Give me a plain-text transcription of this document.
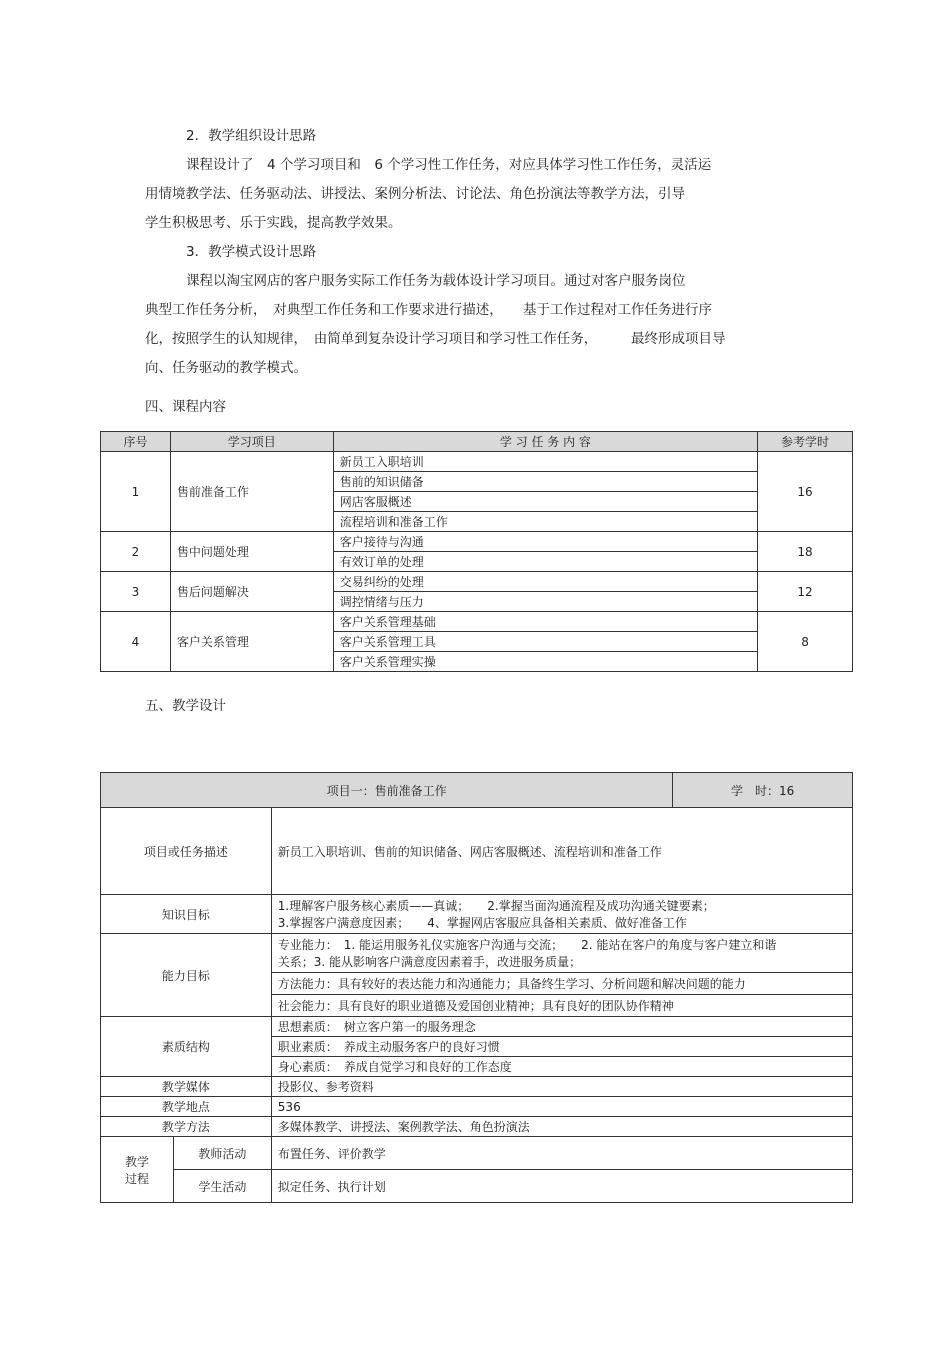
2．教学组织设计思路
课程设计了　4 个学习项目和　6 个学习性工作任务，对应具体学习性工作任务，灵活运
用情境教学法、任务驱动法、讲授法、案例分析法、讨论法、角色扮演法等教学方法，引导
学生积极思考、乐于实践，提高教学效果。
3．教学模式设计思路
课程以淘宝网店的客户服务实际工作任务为载体设计学习项目。通过对客户服务岗位
典型工作任务分析，　对典型工作任务和工作要求进行描述，　　基于工作过程对工作任务进行序
化，按照学生的认知规律，　由简单到复杂设计学习项目和学习性工作任务，　　　最终形成项目导
向、任务驱动的教学模式。
四、课程内容
序号	学习项目	学 习 任 务 内 容	参考学时
1	售前准备工作	新员工入职培训	16
		售前的知识储备	
		网店客服概述	
		流程培训和准备工作	
2	售中问题处理	客户接待与沟通	18
		有效订单的处理	
3	售后问题解决	交易纠纷的处理	12
		调控情绪与压力	
4	客户关系管理	客户关系管理基础	8
		客户关系管理工具	
		客户关系管理实操	
五、教学设计
项目一：售前准备工作			学　时：16
项目或任务描述		新员工入职培训、售前的知识储备、网店客服概述、流程培训和准备工作	
知识目标		1.理解客户服务核心素质——真诚；　　2.掌握当面沟通流程及成功沟通关键要素；
3.掌握客户满意度因素；　　4、掌握网店客服应具备相关素质、做好准备工作	

能力目标		专业能力：　1. 能运用服务礼仪实施客户沟通与交流；　　2. 能站在客户的角度与客户建立和谐
关系；3. 能从影响客户满意度因素着手，改进服务质量；	

		方法能力：具有较好的表达能力和沟通能力；具备终生学习、分析问题和解决问题的能力	
		社会能力：具有良好的职业道德及爱国创业精神；具有良好的团队协作精神	
素质结构		思想素质：　树立客户第一的服务理念	
		职业素质：　养成主动服务客户的良好习惯	
		身心素质：　养成自觉学习和良好的工作态度	
教学媒体		投影仪、参考资料	
教学地点		536	
教学方法		多媒体教学、讲授法、案例教学法、角色扮演法	

教学
过程	教师活动	布置任务、评价教学	
	学生活动	拟定任务、执行计划	
